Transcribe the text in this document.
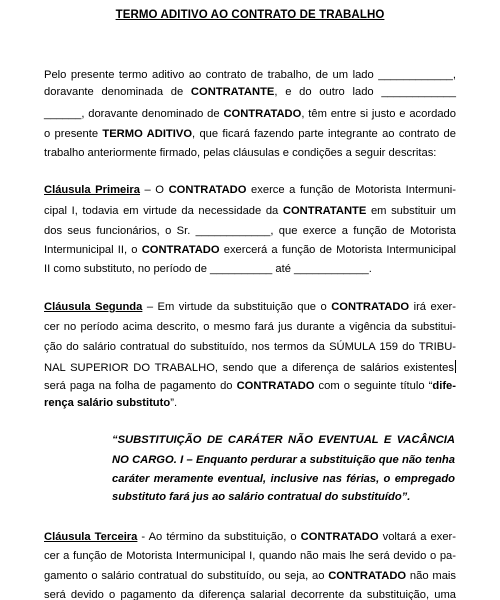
TERMO ADITIVO AO CONTRATO DE TRABALHO
Pelo presente termo aditivo ao contrato de trabalho, de um lado ____________,
doravante denominada de CONTRATANTE, e do outro lado ____________
______, doravante denominado de CONTRATADO, têm entre si justo e acordado
o presente TERMO ADITIVO, que ficará fazendo parte integrante ao contrato de
trabalho anteriormente firmado, pelas cláusulas e condições a seguir descritas:
Cláusula Primeira – O CONTRATADO exerce a função de Motorista Intermuni-
cipal I, todavia em virtude da necessidade da CONTRATANTE em substituir um
dos seus funcionários, o Sr. ____________, que exerce a função de Motorista
Intermunicipal II, o CONTRATADO exercerá a função de Motorista Intermunicipal
II como substituto, no período de __________ até ____________.
Cláusula Segunda – Em virtude da substituição que o CONTRATADO irá exer-
cer no período acima descrito, o mesmo fará jus durante a vigência da substitui-
ção do salário contratual do substituído, nos termos da SÚMULA 159 do TRIBU-
NAL SUPERIOR DO TRABALHO, sendo que a diferença de salários existentes
será paga na folha de pagamento do CONTRATADO com o seguinte título “dife-
rença salário substituto”.
“SUBSTITUIÇÃO DE CARÁTER NÃO EVENTUAL E VACÂNCIA
NO CARGO. I – Enquanto perdurar a substituição que não tenha
caráter meramente eventual, inclusive nas férias, o empregado
substituto fará jus ao salário contratual do substituído”.
Cláusula Terceira - Ao término da substituição, o CONTRATADO voltará a exer-
cer a função de Motorista Intermunicipal I, quando não mais lhe será devido o pa-
gamento o salário contratual do substituído, ou seja, ao CONTRATADO não mais
será devido o pagamento da diferença salarial decorrente da substituição, uma
